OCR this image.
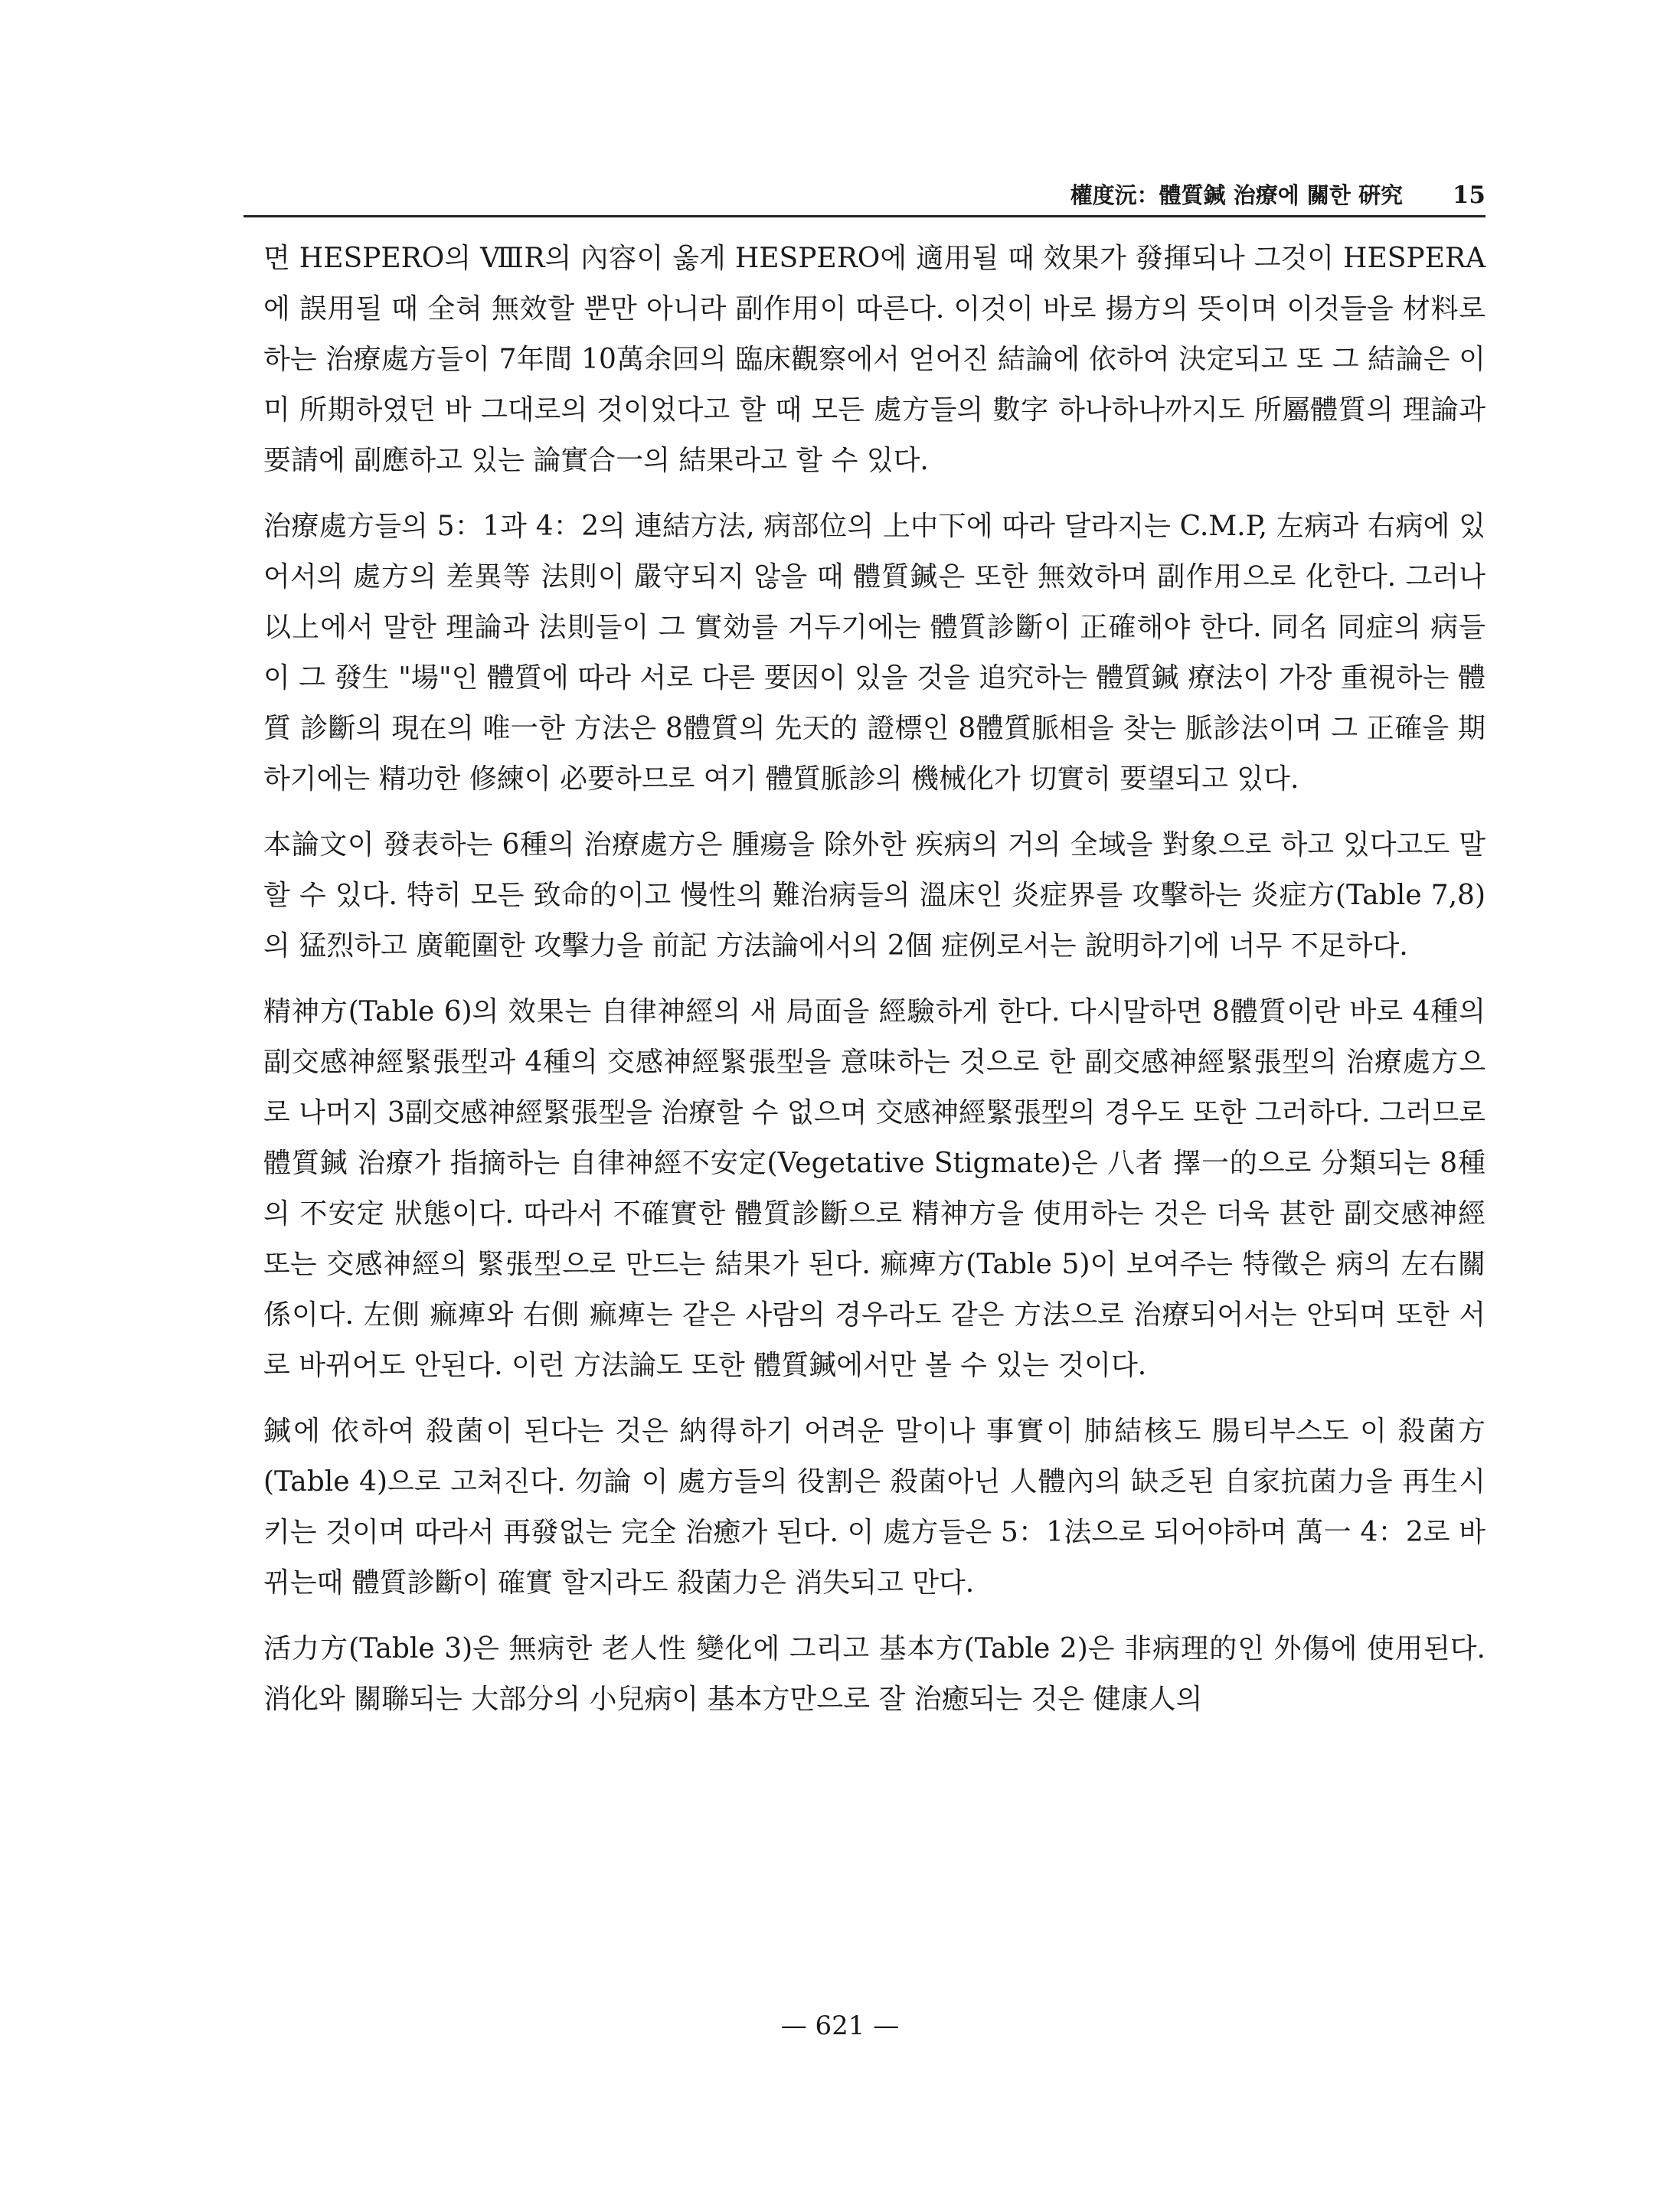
權度沅：體質鍼 治療에 關한 硏究 15

면 HESPERO의 ⅧR의 內容이 옳게 HESPERO에 適用될 때 效果가 發揮되나 그것이 HESPERA에 誤用될 때 全혀 無效할 뿐만 아니라 副作用이 따른다. 이것이 바로 揚方의 뜻이며 이것들을 材料로 하는 治療處方들이 7年間 10萬余回의 臨床觀察에서 얻어진 結論에 依하여 決定되고 또 그 結論은 이미 所期하였던 바 그대로의 것이었다고 할 때 모든 處方들의 數字 하나하나까지도 所屬體質의 理論과 要請에 副應하고 있는 論實合一의 結果라고 할 수 있다.

治療處方들의 5：1과 4：2의 連結方法, 病部位의 上中下에 따라 달라지는 C.M.P, 左病과 右病에 있어서의 處方의 差異等 法則이 嚴守되지 않을 때 體質鍼은 또한 無效하며 副作用으로 化한다. 그러나 以上에서 말한 理論과 法則들이 그 實効를 거두기에는 體質診斷이 正確해야 한다. 同名 同症의 病들이 그 發生 "場"인 體質에 따라 서로 다른 要因이 있을 것을 追究하는 體質鍼 療法이 가장 重視하는 體質 診斷의 現在의 唯一한 方法은 8體質의 先天的 證標인 8體質脈相을 찾는 脈診法이며 그 正確을 期하기에는 精功한 修練이 必要하므로 여기 體質脈診의 機械化가 切實히 要望되고 있다.

本論文이 發表하는 6種의 治療處方은 腫瘍을 除外한 疾病의 거의 全域을 對象으로 하고 있다고도 말할 수 있다. 特히 모든 致命的이고 慢性의 難治病들의 溫床인 炎症界를 攻擊하는 炎症方(Table 7,8)의 猛烈하고 廣範圍한 攻擊力을 前記 方法論에서의 2個 症例로서는 說明하기에 너무 不足하다.

精神方(Table 6)의 效果는 自律神經의 새 局面을 經驗하게 한다. 다시말하면 8體質이란 바로 4種의 副交感神經緊張型과 4種의 交感神經緊張型을 意味하는 것으로 한 副交感神經緊張型의 治療處方으로 나머지 3副交感神經緊張型을 治療할 수 없으며 交感神經緊張型의 경우도 또한 그러하다. 그러므로 體質鍼 治療가 指摘하는 自律神經不安定(Vegetative Stigmate)은 八者 擇一的으로 分類되는 8種의 不安定 狀態이다. 따라서 不確實한 體質診斷으로 精神方을 使用하는 것은 더욱 甚한 副交感神經 또는 交感神經의 緊張型으로 만드는 結果가 된다. 痲痺方(Table 5)이 보여주는 特徵은 病의 左右關係이다. 左側 痲痺와 右側 痲痺는 같은 사람의 경우라도 같은 方法으로 治療되어서는 안되며 또한 서로 바뀌어도 안된다. 이런 方法論도 또한 體質鍼에서만 볼 수 있는 것이다.

鍼에 依하여 殺菌이 된다는 것은 納得하기 어려운 말이나 事實이 肺結核도 腸티부스도 이 殺菌方(Table 4)으로 고쳐진다. 勿論 이 處方들의 役割은 殺菌아닌 人體內의 缺乏된 自家抗菌力을 再生시키는 것이며 따라서 再發없는 完全 治癒가 된다. 이 處方들은 5：1法으로 되어야하며 萬一 4：2로 바뀌는때 體質診斷이 確實 할지라도 殺菌力은 消失되고 만다.

活力方(Table 3)은 無病한 老人性 變化에 그리고 基本方(Table 2)은 非病理的인 外傷에 使用된다. 消化와 關聯되는 大部分의 小兒病이 基本方만으로 잘 治癒되는 것은 健康人의

— 621 —
